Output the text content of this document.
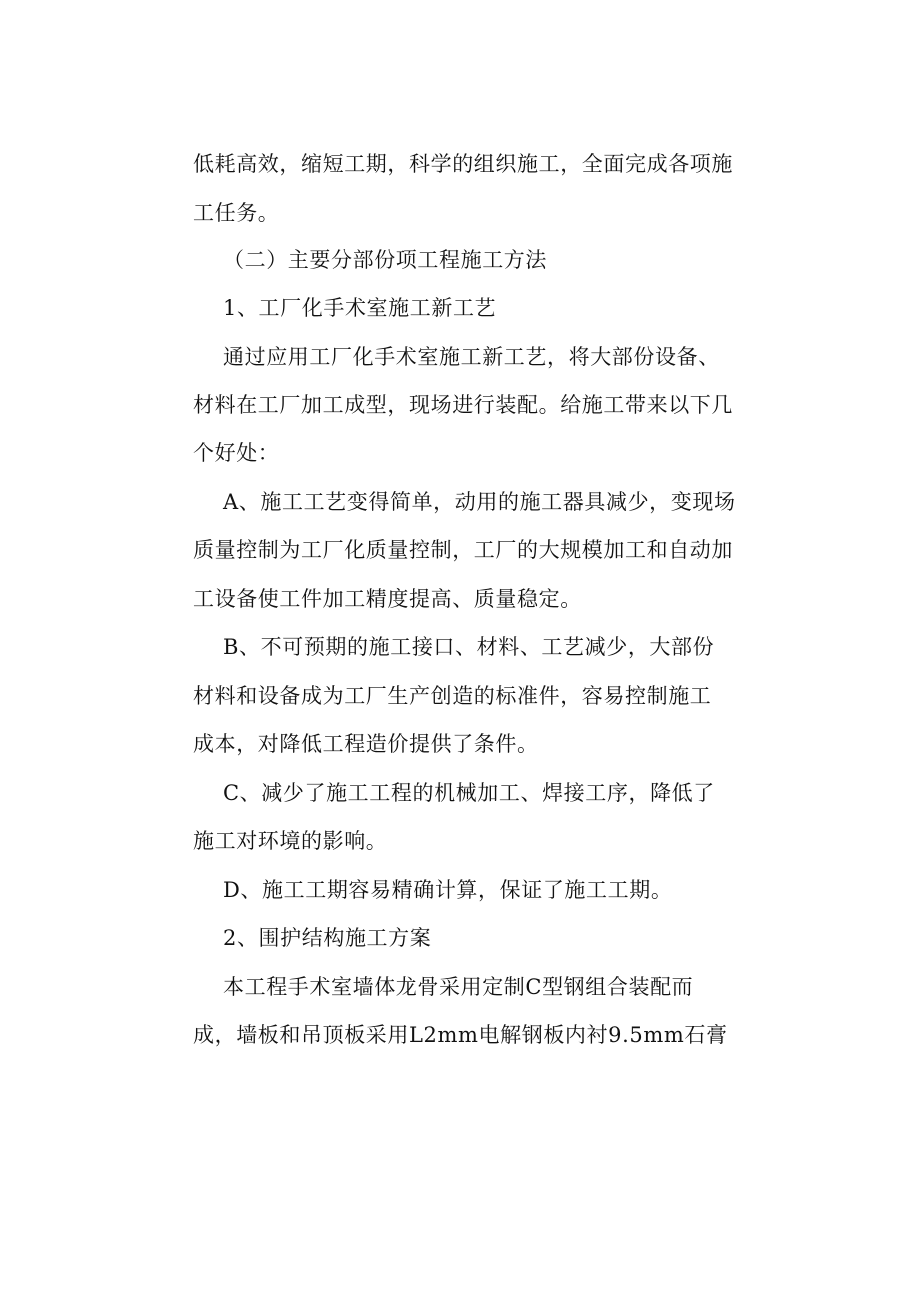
低耗高效，缩短工期，科学的组织施工，全面完成各项施
工任务。
（二）主要分部份项工程施工方法
1、工厂化手术室施工新工艺
通过应用工厂化手术室施工新工艺，将大部份设备、
材料在工厂加工成型，现场进行装配。给施工带来以下几
个好处：
A、施工工艺变得简单，动用的施工器具减少，变现场
质量控制为工厂化质量控制，工厂的大规模加工和自动加
工设备使工件加工精度提高、质量稳定。
B、不可预期的施工接口、材料、工艺减少，大部份
材料和设备成为工厂生产创造的标准件，容易控制施工
成本，对降低工程造价提供了条件。
C、减少了施工工程的机械加工、焊接工序，降低了
施工对环境的影响。
D、施工工期容易精确计算，保证了施工工期。
2、围护结构施工方案
本工程手术室墙体龙骨采用定制C型钢组合装配而
成，墙板和吊顶板采用L2mm电解钢板内衬9.5mm石膏
